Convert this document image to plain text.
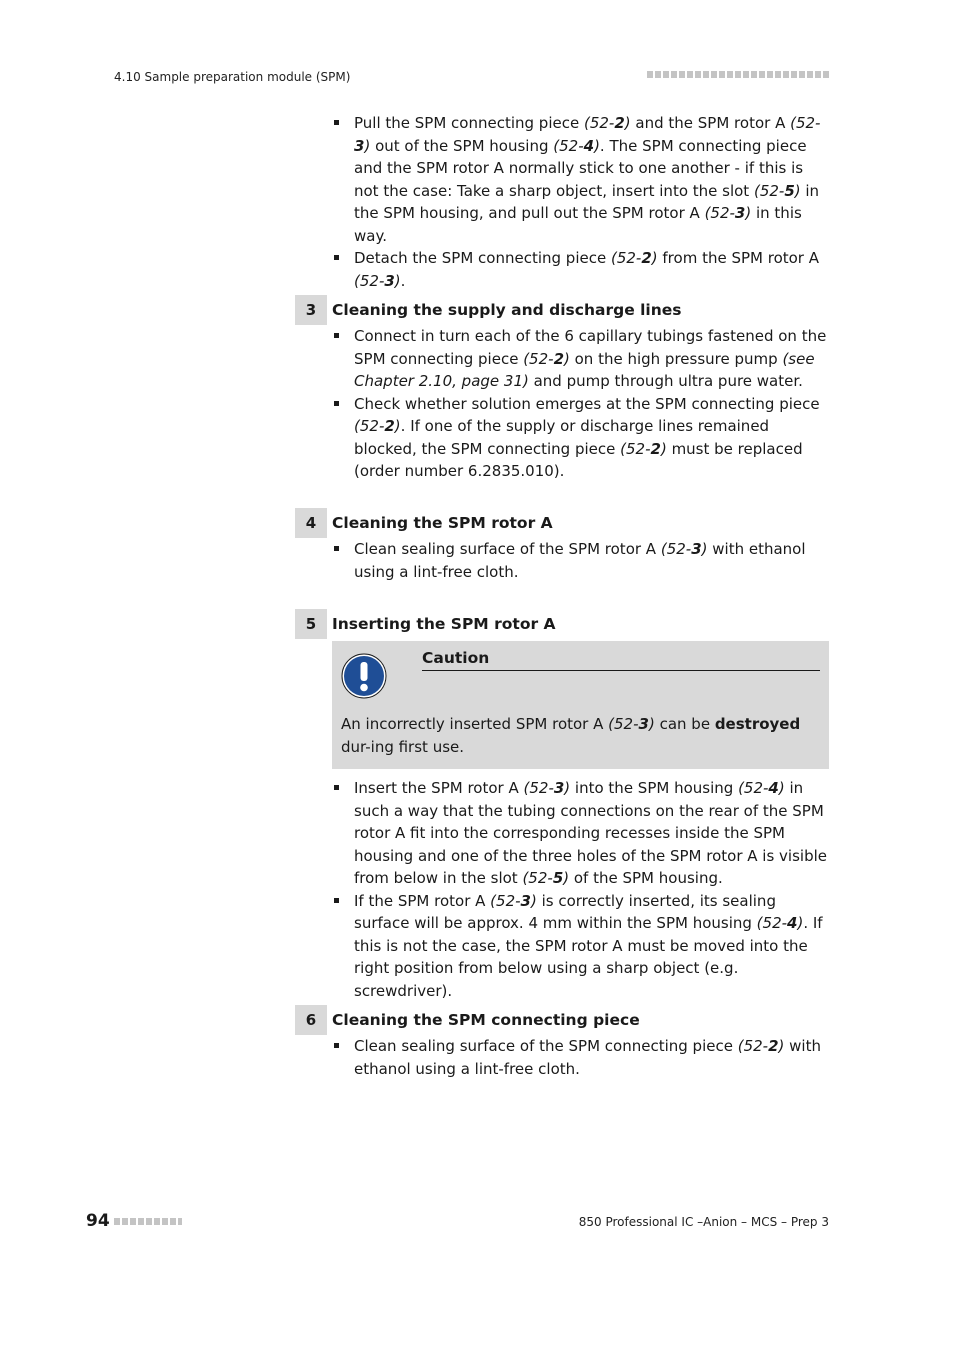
4.10 Sample preparation module (SPM)
Pull the SPM connecting piece (52-2) and the SPM rotor A (52-3) out of the SPM housing (52-4). The SPM connecting piece and the SPM rotor A normally stick to one another - if this is not the case: Take a sharp object, insert into the slot (52-5) in the SPM housing, and pull out the SPM rotor A (52-3) in this way.
Detach the SPM connecting piece (52-2) from the SPM rotor A (52-3).
3	Cleaning the supply and discharge lines
Connect in turn each of the 6 capillary tubings fastened on the SPM connecting piece (52-2) on the high pressure pump (see Chapter 2.10, page 31) and pump through ultra pure water.
Check whether solution emerges at the SPM connecting piece (52-2). If one of the supply or discharge lines remained blocked, the SPM connecting piece (52-2) must be replaced (order number 6.2835.010).
4	Cleaning the SPM rotor A
Clean sealing surface of the SPM rotor A (52-3) with ethanol using a lint-free cloth.
5	Inserting the SPM rotor A
Caution
An incorrectly inserted SPM rotor A (52-3) can be destroyed dur-ing first use.
Insert the SPM rotor A (52-3) into the SPM housing (52-4) in such a way that the tubing connections on the rear of the SPM rotor A fit into the corresponding recesses inside the SPM housing and one of the three holes of the SPM rotor A is visible from below in the slot (52-5) of the SPM housing.
If the SPM rotor A (52-3) is correctly inserted, its sealing surface will be approx. 4 mm within the SPM housing (52-4). If this is not the case, the SPM rotor A must be moved into the right position from below using a sharp object (e.g. screwdriver).
6	Cleaning the SPM connecting piece
Clean sealing surface of the SPM connecting piece (52-2) with ethanol using a lint-free cloth.
94	850 Professional IC –Anion – MCS – Prep 3
